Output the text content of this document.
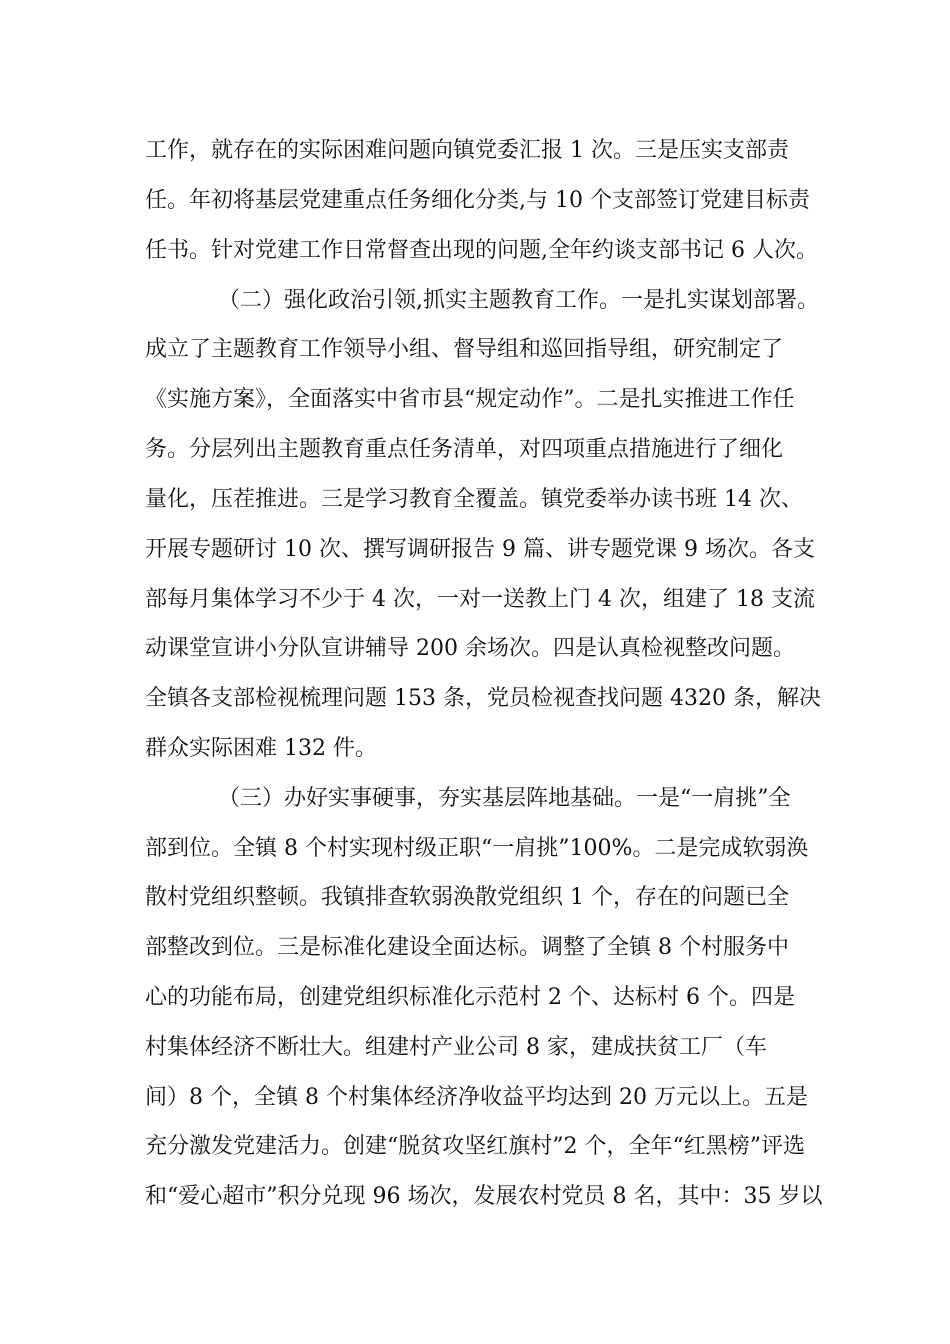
工作，就存在的实际困难问题向镇党委汇报 1 次。三是压实支部责
任。年初将基层党建重点任务细化分类,与 10 个支部签订党建目标责
任书。针对党建工作日常督查出现的问题,全年约谈支部书记 6 人次。
（二）强化政治引领,抓实主题教育工作。一是扎实谋划部署。
成立了主题教育工作领导小组、督导组和巡回指导组，研究制定了
《实施方案》，全面落实中省市县“规定动作”。二是扎实推进工作任
务。分层列出主题教育重点任务清单，对四项重点措施进行了细化
量化，压茬推进。三是学习教育全覆盖。镇党委举办读书班 14 次、
开展专题研讨 10 次、撰写调研报告 9 篇、讲专题党课 9 场次。各支
部每月集体学习不少于 4 次，一对一送教上门 4 次，组建了 18 支流
动课堂宣讲小分队宣讲辅导 200 余场次。四是认真检视整改问题。
全镇各支部检视梳理问题 153 条，党员检视查找问题 4320 条，解决
群众实际困难 132 件。
（三）办好实事硬事，夯实基层阵地基础。一是“一肩挑”全
部到位。全镇 8 个村实现村级正职“一肩挑”100%。二是完成软弱涣
散村党组织整顿。我镇排查软弱涣散党组织 1 个，存在的问题已全
部整改到位。三是标准化建设全面达标。调整了全镇 8 个村服务中
心的功能布局，创建党组织标准化示范村 2 个、达标村 6 个。四是
村集体经济不断壮大。组建村产业公司 8 家，建成扶贫工厂（车
间）8 个，全镇 8 个村集体经济净收益平均达到 20 万元以上。五是
充分激发党建活力。创建“脱贫攻坚红旗村”2 个，全年“红黑榜”评选
和“爱心超市”积分兑现 96 场次，发展农村党员 8 名，其中：35 岁以
